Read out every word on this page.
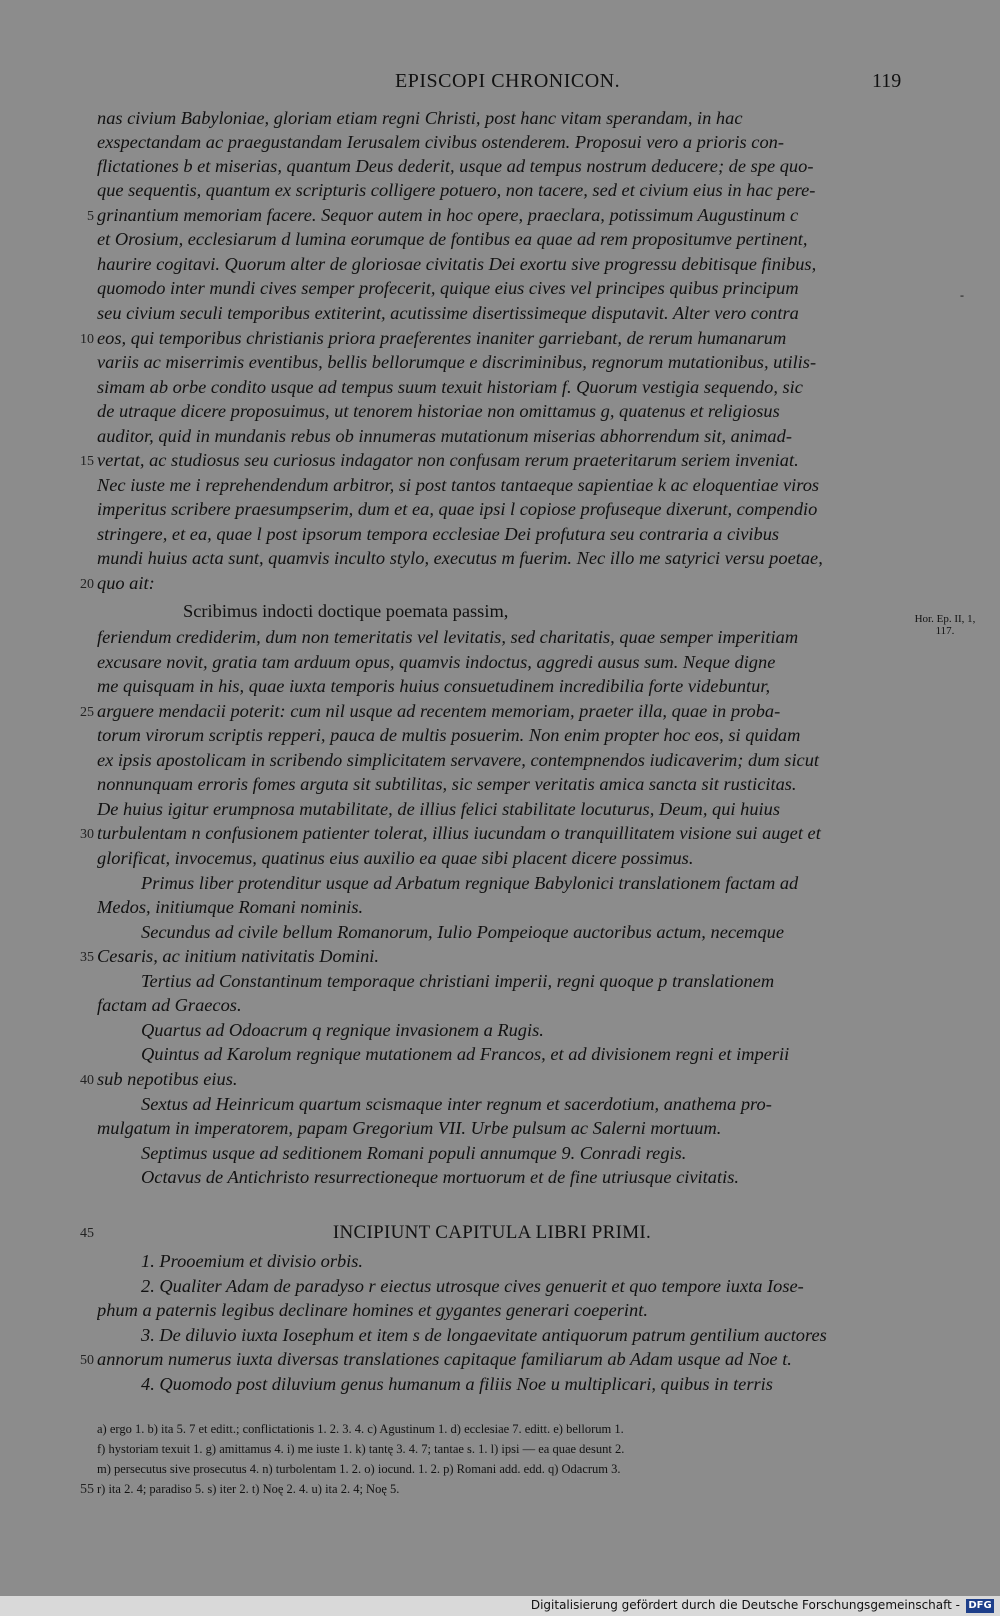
EPISCOPI CHRONICON.	119
nas civium Babyloniae, gloriam etiam regni Christi, post hanc vitam sperandam, in hac
exspectandam ac praegustandam Ierusalem civibus ostenderem. Proposui vero a prioris con-
flictationes b et miserias, quantum Deus dederit, usque ad tempus nostrum deducere; de spe quo-
que sequentis, quantum ex scripturis colligere potuero, non tacere, sed et civium eius in hac pere-
grinantium memoriam facere. Sequor autem in hoc opere, praeclara, potissimum Augustinum c
et Orosium, ecclesiarum d lumina eorumque de fontibus ea quae ad rem propositumve pertinent,
haurire cogitavi. Quorum alter de gloriosae civitatis Dei exortu sive progressu debitisque finibus,
quomodo inter mundi cives semper profecerit, quique eius cives vel principes quibus principum
seu civium seculi temporibus extiterint, acutissime disertissimeque disputavit. Alter vero contra
eos, qui temporibus christianis priora praeferentes inaniter garriebant, de rerum humanarum
variis ac miserrimis eventibus, bellis bellorumque e discriminibus, regnorum mutationibus, utilis-
simam ab orbe condito usque ad tempus suum texuit historiam f. Quorum vestigia sequendo, sic
de utraque dicere proposuimus, ut tenorem historiae non omittamus g, quatenus et religiosus
auditor, quid in mundanis rebus ob innumeras mutationum miserias abhorrendum sit, animad-
vertat, ac studiosus seu curiosus indagator non confusam rerum praeteritarum seriem inveniat.
Nec iuste me i reprehendendum arbitror, si post tantos tantaeque sapientiae k ac eloquentiae viros
imperitus scribere praesumpserim, dum et ea, quae ipsi l copiose profuseque dixerunt, compendio
stringere, et ea, quae l post ipsorum tempora ecclesiae Dei profutura seu contraria a civibus
mundi huius acta sunt, quamvis inculto stylo, executus m fuerim. Nec illo me satyrici versu poetae,
quo ait:
Scribimus indocti doctique poemata passim,
feriendum crediderim, dum non temeritatis vel levitatis, sed charitatis, quae semper imperitiam
excusare novit, gratia tam arduum opus, quamvis indoctus, aggredi ausus sum. Neque digne
me quisquam in his, quae iuxta temporis huius consuetudinem incredibilia forte videbuntur,
arguere mendacii poterit: cum nil usque ad recentem memoriam, praeter illa, quae in proba-
torum virorum scriptis repperi, pauca de multis posuerim. Non enim propter hoc eos, si quidam
ex ipsis apostolicam in scribendo simplicitatem servavere, contempnendos iudicaverim; dum sicut
nonnunquam erroris fomes arguta sit subtilitas, sic semper veritatis amica sancta sit rusticitas.
De huius igitur erumpnosa mutabilitate, de illius felici stabilitate locuturus, Deum, qui huius
turbulentam n confusionem patienter tolerat, illius iucundam o tranquillitatem visione sui auget et
glorificat, invocemus, quatinus eius auxilio ea quae sibi placent dicere possimus.
Primus liber protenditur usque ad Arbatum regnique Babylonici translationem factam ad
Medos, initiumque Romani nominis.
Secundus ad civile bellum Romanorum, Iulio Pompeioque auctoribus actum, necemque
Cesaris, ac initium nativitatis Domini.
Tertius ad Constantinum temporaque christiani imperii, regni quoque p translationem
factam ad Graecos.
Quartus ad Odoacrum q regnique invasionem a Rugis.
Quintus ad Karolum regnique mutationem ad Francos, et ad divisionem regni et imperii
sub nepotibus eius.
Sextus ad Heinricum quartum scismaque inter regnum et sacerdotium, anathema pro-
mulgatum in imperatorem, papam Gregorium VII. Urbe pulsum ac Salerni mortuum.
Septimus usque ad seditionem Romani populi annumque 9. Conradi regis.
Octavus de Antichristo resurrectioneque mortuorum et de fine utriusque civitatis.
1. Prooemium et divisio orbis.
2. Qualiter Adam de paradyso r eiectus utrosque cives genuerit et quo tempore iuxta Iose-
phum a paternis legibus declinare homines et gygantes generari coeperint.
3. De diluvio iuxta Iosephum et item s de longaevitate antiquorum patrum gentilium auctores
annorum numerus iuxta diversas translationes capitaque familiarum ab Adam usque ad Noe t.
4. Quomodo post diluvium genus humanum a filiis Noe u multiplicari, quibus in terris
Hor. Ep. II, 1,
117.
-
5
10
15
20
25
30
35
40
45
50
55
INCIPIUNT CAPITULA LIBRI PRIMI.
a) ergo 1. b) ita 5. 7 et editt.; conflictationis 1. 2. 3. 4. c) Agustinum 1. d) ecclesiae 7. editt. e) bellorum 1.
f) hystoriam texuit 1. g) amittamus 4. i) me iuste 1. k) tantę 3. 4. 7; tantae s. 1. l) ipsi — ea quae desunt 2.
m) persecutus sive prosecutus 4. n) turbolentam 1. 2. o) iocund. 1. 2. p) Romani add. edd. q) Odacrum 3.
r) ita 2. 4; paradiso 5. s) iter 2. t) Noę 2. 4. u) ita 2. 4; Noę 5.
Digitalisierung gefördert durch die Deutsche Forschungsgemeinschaft - DFG
